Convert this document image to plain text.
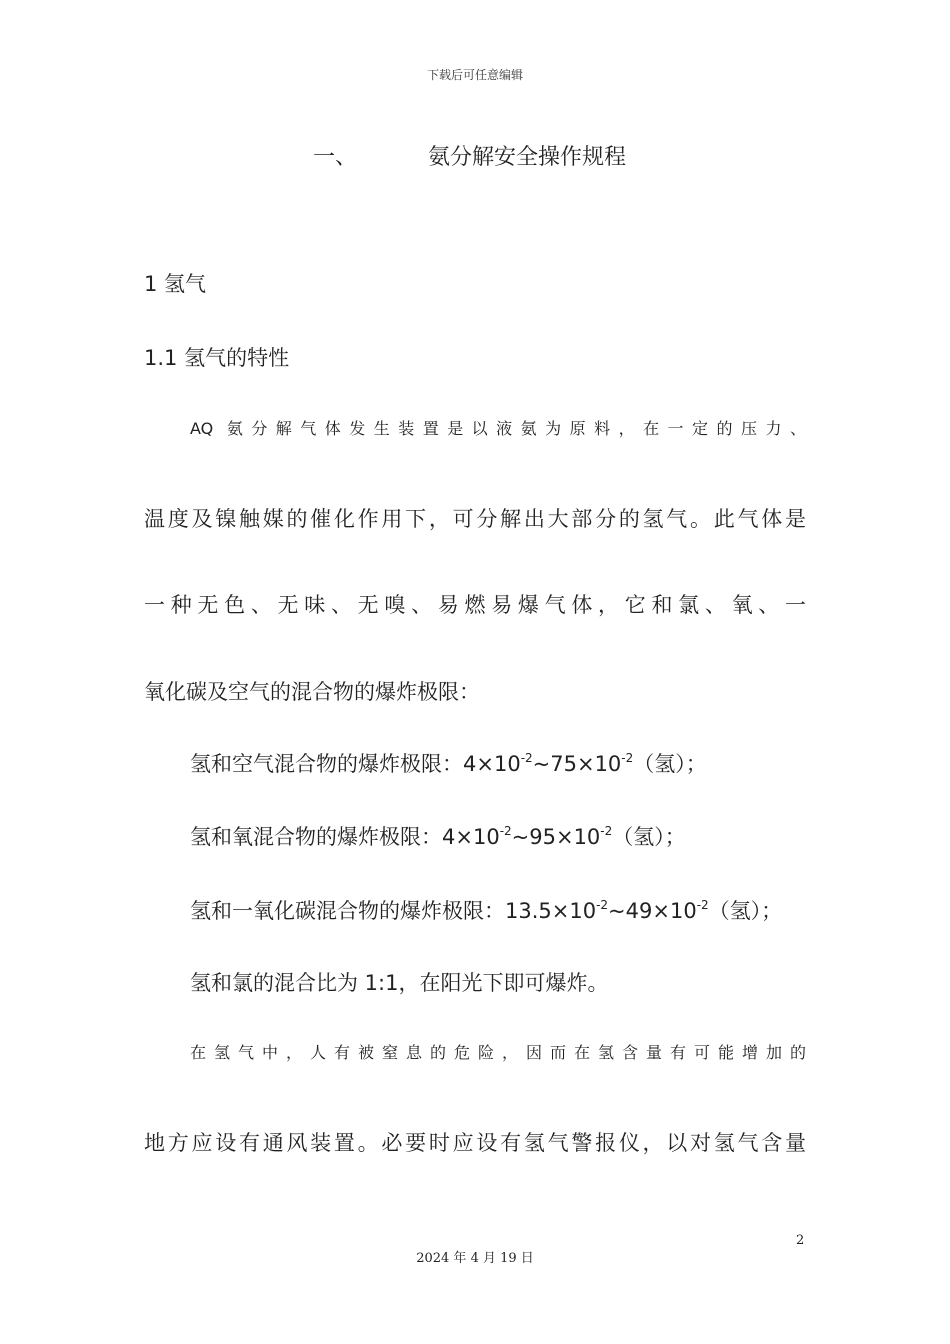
下载后可任意编辑
一、	氨分解安全操作规程
1 氢气
1.1 氢气的特性
AQ 氨分解气体发生装置是以液氨为原料，在一定的压力、
温度及镍触媒的催化作用下，可分解出大部分的氢气。此气体是
一种无色、无味、无嗅、易燃易爆气体，它和氯、氧、一
氧化碳及空气的混合物的爆炸极限：
氢和空气混合物的爆炸极限：$4\times 10^{-2}\sim 75\times 10^{-2}$（氢）；
氢和氧混合物的爆炸极限：$4\times 10^{-2}\sim 95\times 10^{-2}$（氢）；
氢和一氧化碳混合物的爆炸极限：$13.5\times 10^{-2}\sim 49\times 10^{-2}$（氢）；
氢和氯的混合比为 1:1，在阳光下即可爆炸。
在氢气中，人有被窒息的危险，因而在氢含量有可能增加的
地方应设有通风装置。必要时应设有氢气警报仪，以对氢气含量
2
2024 年 4 月 19 日
